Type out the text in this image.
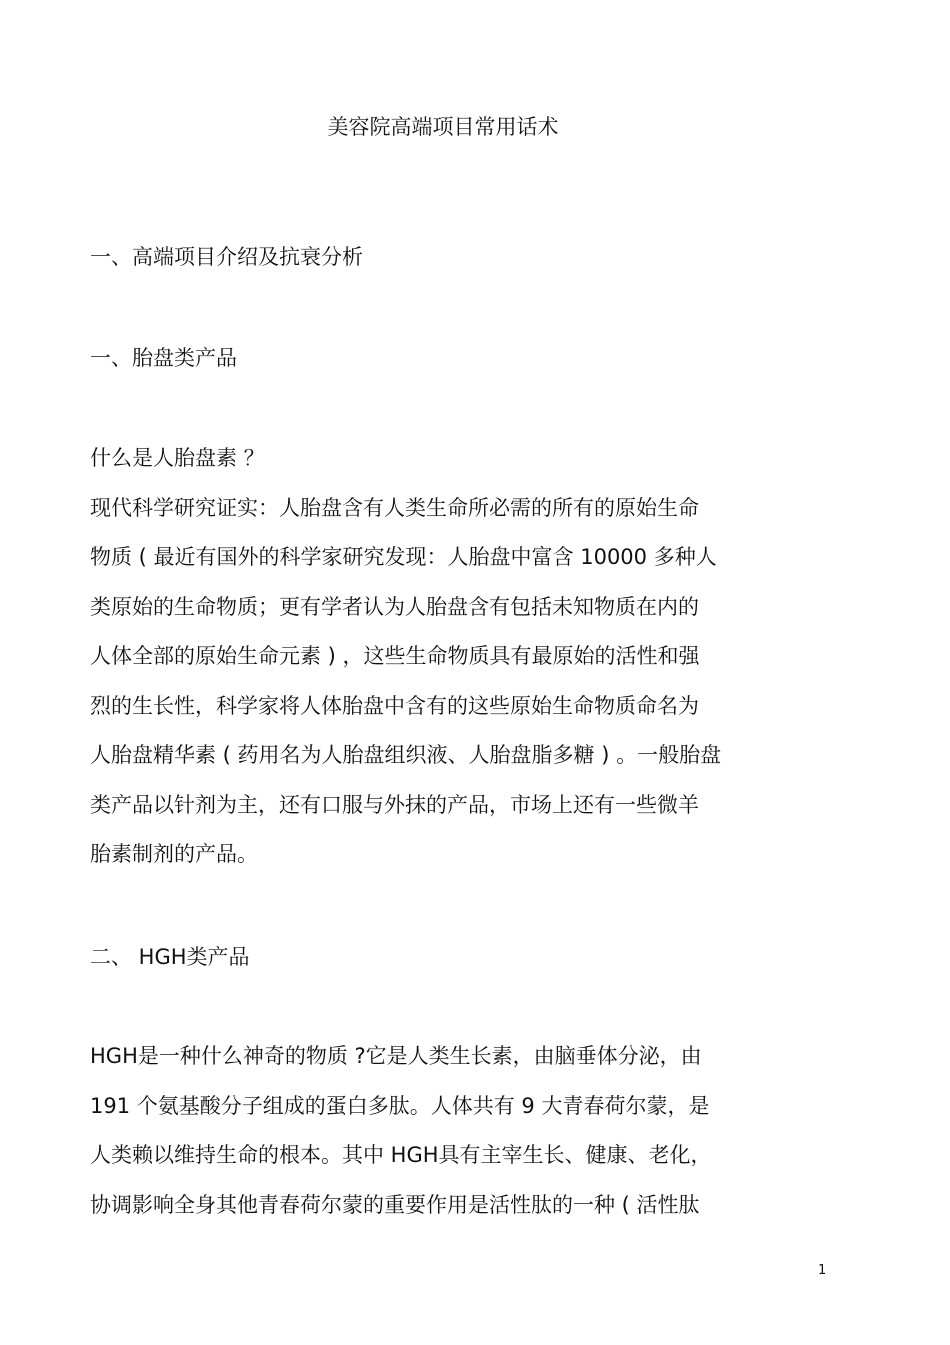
美容院高端项目常用话术
一、高端项目介绍及抗衰分析
一、胎盘类产品
什么是人胎盘素 ？
现代科学研究证实：人胎盘含有人类生命所必需的所有的原始生命
物质 ( 最近有国外的科学家研究发现：人胎盘中富含 10000 多种人
类原始的生命物质；更有学者认为人胎盘含有包括未知物质在内的
人体全部的原始生命元素 ) ，这些生命物质具有最原始的活性和强
烈的生长性，科学家将人体胎盘中含有的这些原始生命物质命名为
人胎盘精华素 ( 药用名为人胎盘组织液、人胎盘脂多糖 ) 。一般胎盘
类产品以针剂为主，还有口服与外抹的产品，市场上还有一些微羊
胎素制剂的产品。
二、 HGH类产品
HGH是一种什么神奇的物质 ?它是人类生长素，由脑垂体分泌，由
191 个氨基酸分子组成的蛋白多肽。人体共有 9 大青春荷尔蒙，是
人类赖以维持生命的根本。其中 HGH具有主宰生长、健康、老化，
协调影响全身其他青春荷尔蒙的重要作用是活性肽的一种 ( 活性肽
1
